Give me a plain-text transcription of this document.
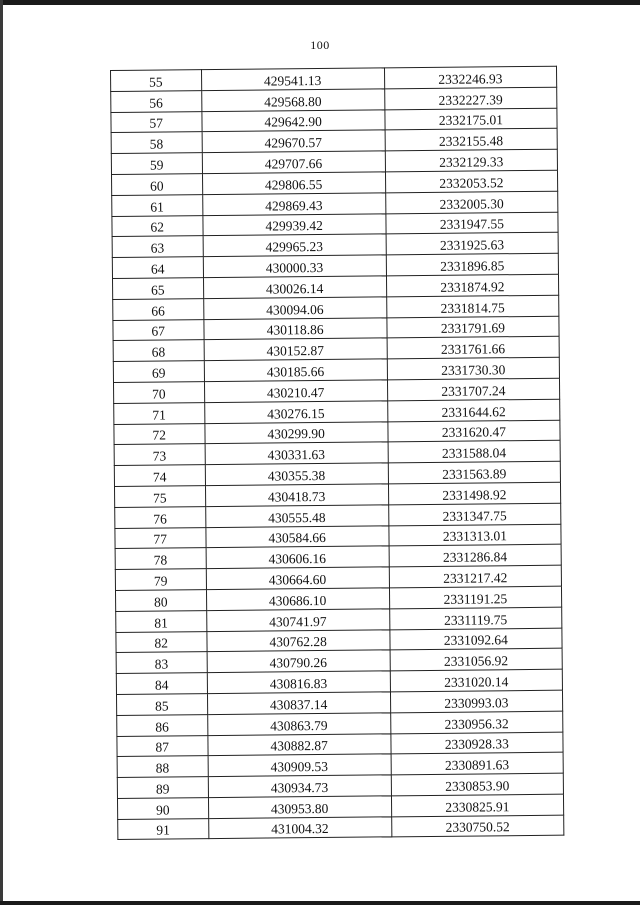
100
55	429541.13	2332246.93
56	429568.80	2332227.39
57	429642.90	2332175.01
58	429670.57	2332155.48
59	429707.66	2332129.33
60	429806.55	2332053.52
61	429869.43	2332005.30
62	429939.42	2331947.55
63	429965.23	2331925.63
64	430000.33	2331896.85
65	430026.14	2331874.92
66	430094.06	2331814.75
67	430118.86	2331791.69
68	430152.87	2331761.66
69	430185.66	2331730.30
70	430210.47	2331707.24
71	430276.15	2331644.62
72	430299.90	2331620.47
73	430331.63	2331588.04
74	430355.38	2331563.89
75	430418.73	2331498.92
76	430555.48	2331347.75
77	430584.66	2331313.01
78	430606.16	2331286.84
79	430664.60	2331217.42
80	430686.10	2331191.25
81	430741.97	2331119.75
82	430762.28	2331092.64
83	430790.26	2331056.92
84	430816.83	2331020.14
85	430837.14	2330993.03
86	430863.79	2330956.32
87	430882.87	2330928.33
88	430909.53	2330891.63
89	430934.73	2330853.90
90	430953.80	2330825.91
91	431004.32	2330750.52
